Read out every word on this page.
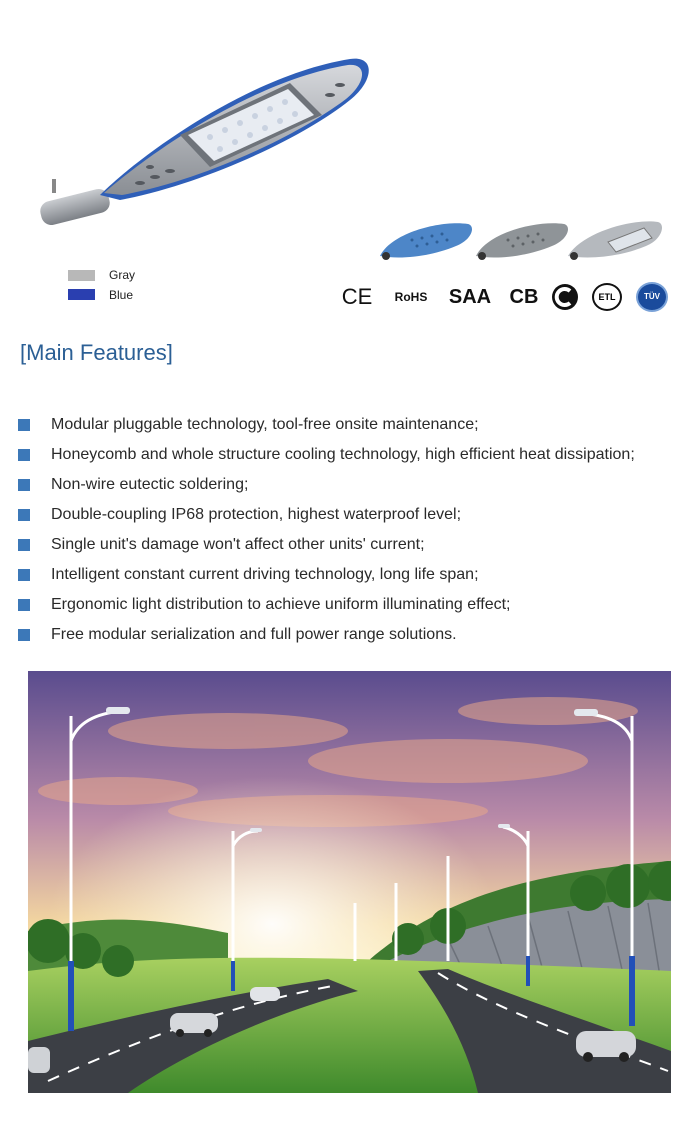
Gray
Blue	CE	RoHS	SAA CB	ETL	TÜV
[Main Features]
Modular pluggable technology, tool-free onsite maintenance;
Honeycomb and whole structure cooling technology, high efficient heat dissipation;
Non-wire eutectic soldering;
Double-coupling IP68 protection, highest waterproof level;
Single unit's damage won't affect other units' current;
Intelligent constant current driving technology, long life span;
Ergonomic light distribution to achieve uniform illuminating effect;
Free modular serialization and full power range solutions.
